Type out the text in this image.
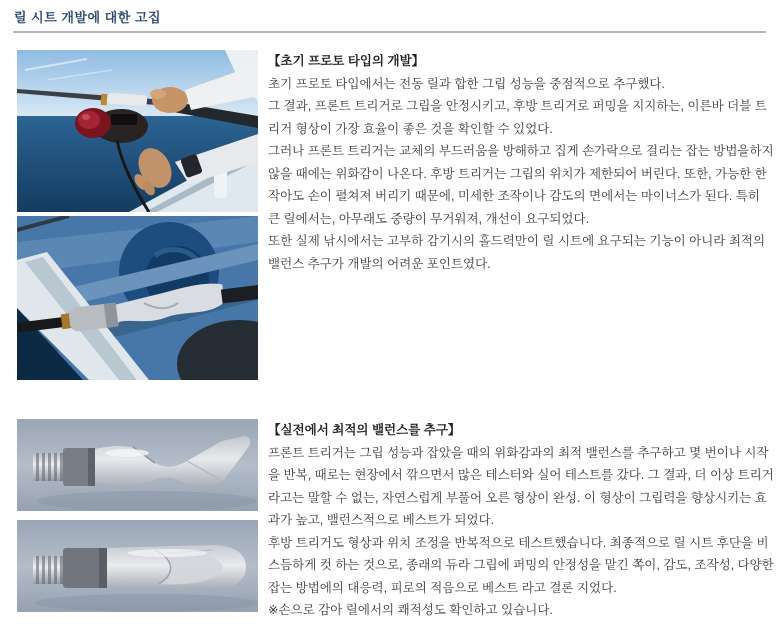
릴 시트 개발에 대한 고집
【초기 프로토 타입의 개발】

초기 프로토 타입에서는 전동 릴과 합한 그립 성능을 중점적으로 추구했다.

그 결과, 프론트 트리거로 그립을 안정시키고, 후방 트리거로 퍼밍을 지지하는, 이른바 더블 트리거 형상이 가장 효율이 좋은 것을 확인할 수 있었다.

그러나 프론트 트리거는 교체의 부드러움을 방해하고 집게 손가락으로 걸리는 잡는 방법을하지 않을 때에는 위화감이 나온다. 후방 트리거는 그립의 위치가 제한되어 버린다. 또한, 가능한 한 작아도 손이 펼쳐져 버리기 때문에, 미세한 조작이나 감도의 면에서는 마이너스가 된다. 특히 큰 릴에서는, 아무래도 중량이 무거워져, 개선이 요구되었다.

또한 실제 낚시에서는 고부하 감기시의 홀드력만이 릴 시트에 요구되는 기능이 아니라 최적의 밸런스 추구가 개발의 어려운 포인트였다.

【실전에서 최적의 밸런스를 추구】

프론트 트리거는 그립 성능과 잡았을 때의 위화감과의 최적 밸런스를 추구하고 몇 번이나 시작을 반복, 때로는 현장에서 깎으면서 많은 테스터와 실어 테스트를 갔다. 그 결과, 더 이상 트리거라고는 말할 수 없는, 자연스럽게 부풀어 오른 형상이 완성. 이 형상이 그립력을 향상시키는 효과가 높고, 밸런스적으로 베스트가 되었다.

후방 트리거도 형상과 위치 조정을 반복적으로 테스트했습니다. 최종적으로 릴 시트 후단을 비스듬하게 컷 하는 것으로, 종래의 듀라 그립에 퍼밍의 안정성을 맡긴 쪽이, 감도, 조작성, 다양한 잡는 방법에의 대응력, 피로의 적음으로 베스트 라고 결론 지었다.

※손으로 감아 릴에서의 쾌적성도 확인하고 있습니다.
